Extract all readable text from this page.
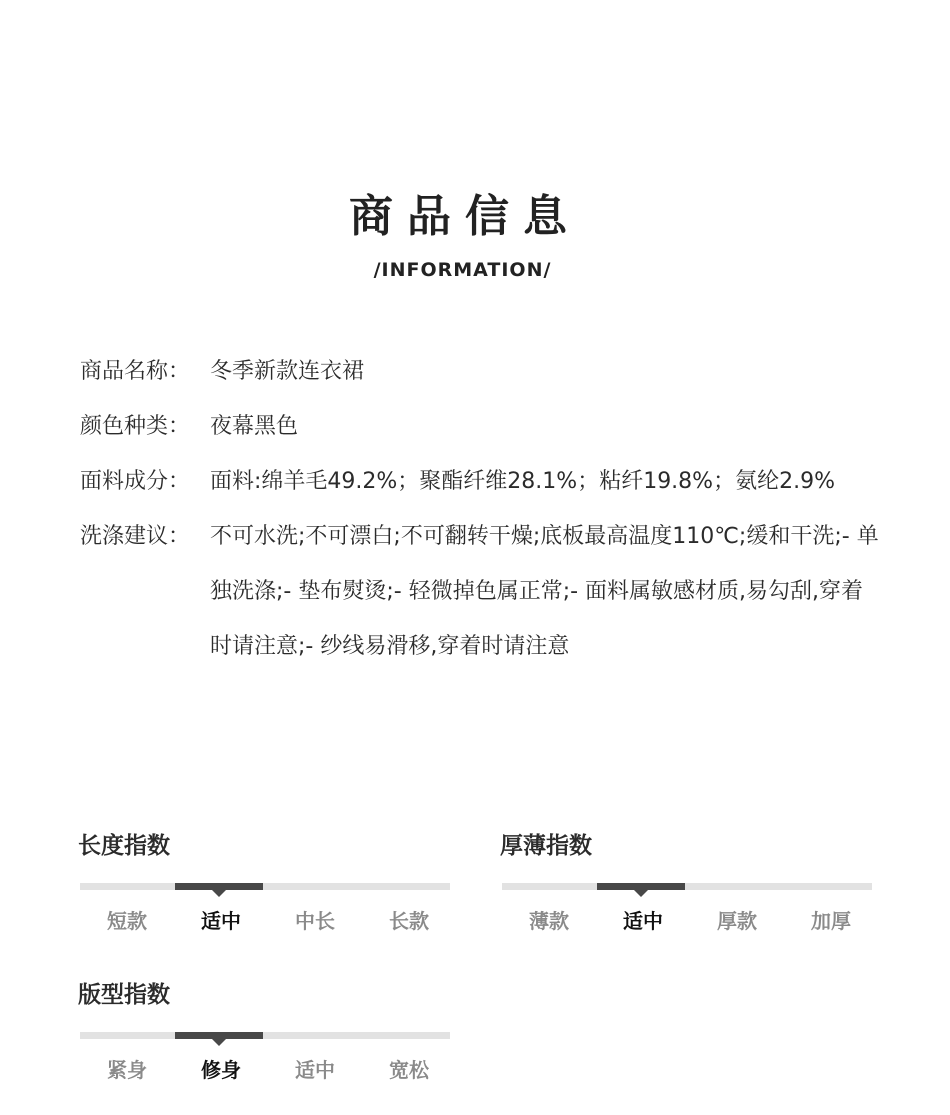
商品信息
/INFORMATION/
商品名称： 冬季新款连衣裙
颜色种类： 夜幕黑色
面料成分： 面料:绵羊毛49.2%；聚酯纤维28.1%；粘纤19.8%；氨纶2.9%
洗涤建议： 不可水洗;不可漂白;不可翻转干燥;底板最高温度110℃;缓和干洗;- 单独洗涤;- 垫布熨烫;- 轻微掉色属正常;- 面料属敏感材质,易勾刮,穿着时请注意;- 纱线易滑移,穿着时请注意
长度指数
短款	适中	中长	长款
厚薄指数
薄款	适中	厚款	加厚
版型指数
紧身	修身	适中	宽松
